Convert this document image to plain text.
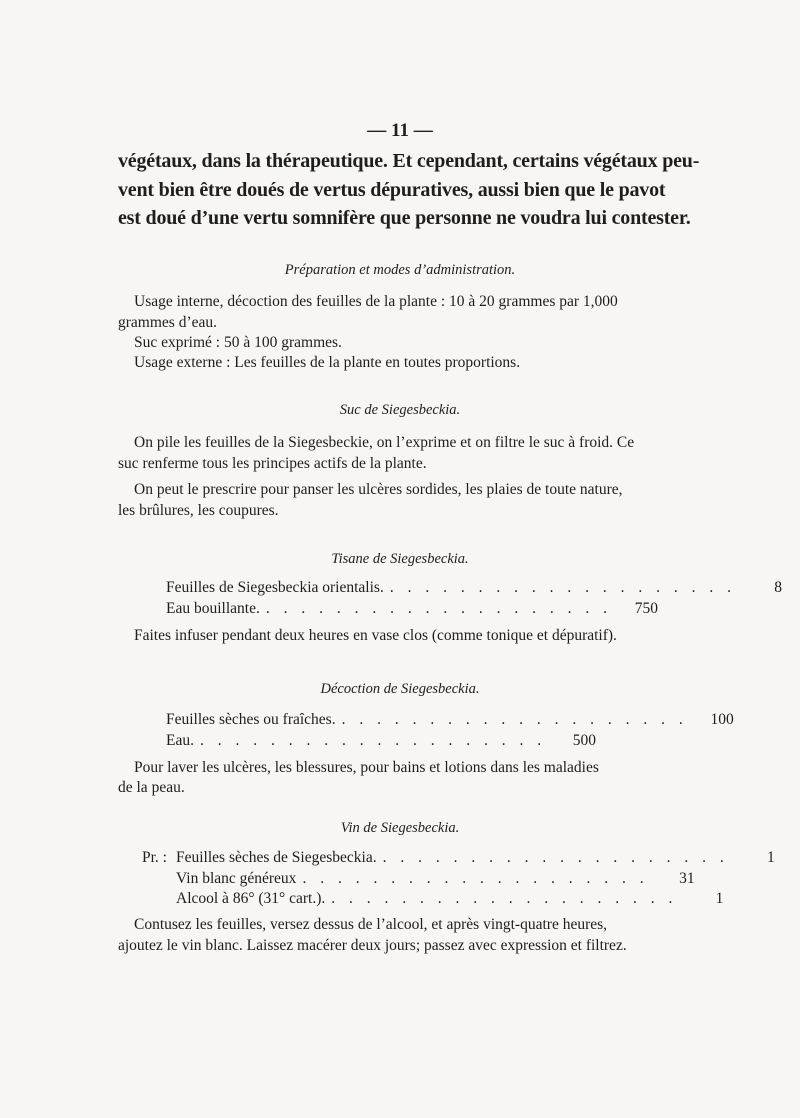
— 11 —
végétaux, dans la thérapeutique. Et cependant, certains végétaux peu-
vent bien être doués de vertus dépuratives, aussi bien que le pavot
est doué d’une vertu somnifère que personne ne voudra lui contester.
Préparation et modes d’administration.
Usage interne, décoction des feuilles de la plante : 10 à 20 grammes par 1,000
grammes d’eau.
Suc exprimé : 50 à 100 grammes.
Usage externe : Les feuilles de la plante en toutes proportions.
Suc de Siegesbeckia.
On pile les feuilles de la Siegesbeckie, on l’exprime et on filtre le suc à froid. Ce
suc renferme tous les principes actifs de la plante.
On peut le prescrire pour panser les ulcères sordides, les plaies de toute nature,
les brûlures, les coupures.
Tisane de Siegesbeckia.
Feuilles de Siegesbeckia orientalis. . . . . . . . . . . . . . . . . . . . .	8
Eau bouillante. . . . . . . . . . . . . . . . . . . . .	750
Faites infuser pendant deux heures en vase clos (comme tonique et dépuratif).
Décoction de Siegesbeckia.
Feuilles sèches ou fraîches. . . . . . . . . . . . . . . . . . . . .	100
Eau. . . . . . . . . . . . . . . . . . . . .	500
Pour laver les ulcères, les blessures, pour bains et lotions dans les maladies
de la peau.
Vin de Siegesbeckia.
Pr. : Feuilles sèches de Siegesbeckia. . . . . . . . . . . . . . . . . . . . .	1
Vin blanc généreux . . . . . . . . . . . . . . . . . . . .	31
Alcool à 86° (31° cart.). . . . . . . . . . . . . . . . . . . . .	1
Contusez les feuilles, versez dessus de l’alcool, et après vingt-quatre heures,
ajoutez le vin blanc. Laissez macérer deux jours; passez avec expression et filtrez.
